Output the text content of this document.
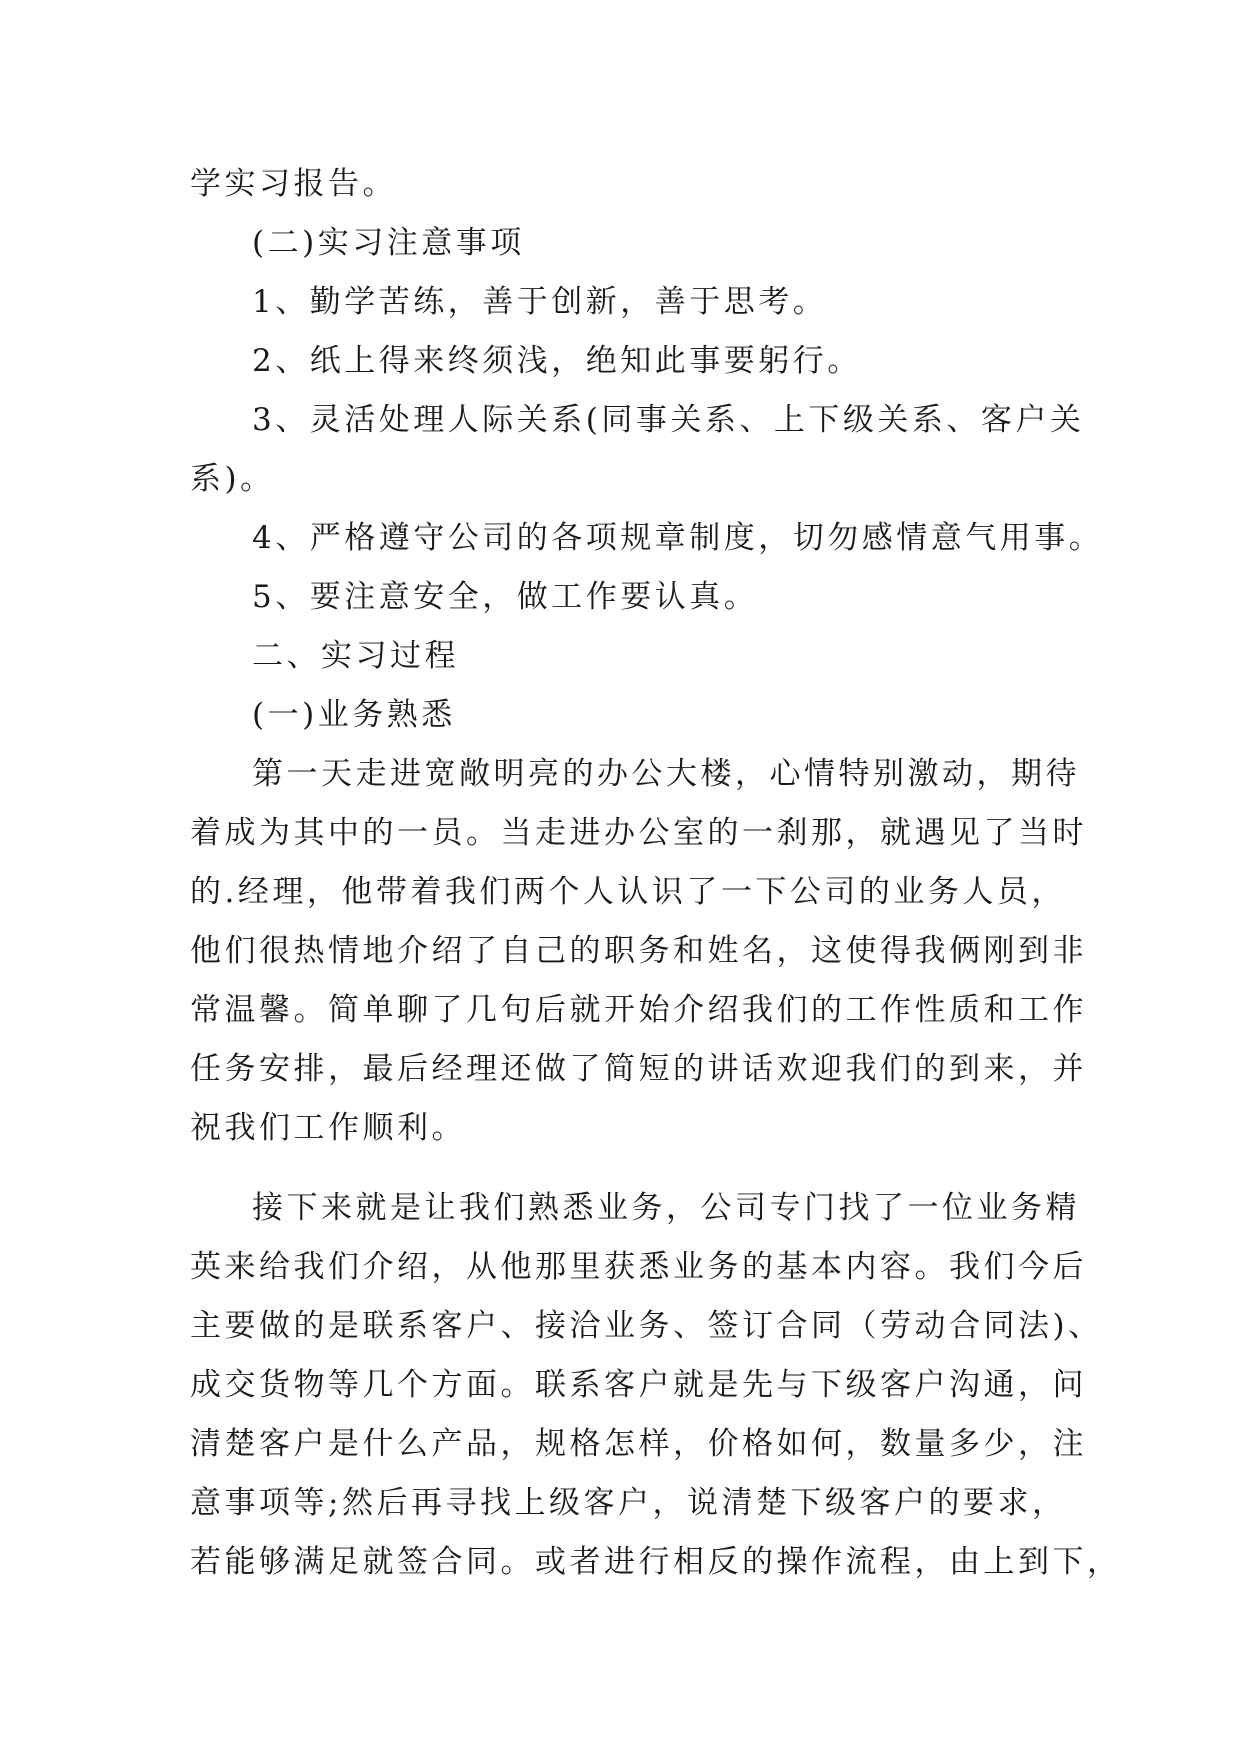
学实习报告。
(二)实习注意事项
1、勤学苦练，善于创新，善于思考。
2、纸上得来终须浅，绝知此事要躬行。
3、灵活处理人际关系(同事关系、上下级关系、客户关
系)。
4、严格遵守公司的各项规章制度，切勿感情意气用事。
5、要注意安全，做工作要认真。
二、实习过程
(一)业务熟悉
第一天走进宽敞明亮的办公大楼，心情特别激动，期待
着成为其中的一员。当走进办公室的一刹那，就遇见了当时
的.经理，他带着我们两个人认识了一下公司的业务人员，
他们很热情地介绍了自己的职务和姓名，这使得我俩刚到非
常温馨。简单聊了几句后就开始介绍我们的工作性质和工作
任务安排，最后经理还做了简短的讲话欢迎我们的到来，并
祝我们工作顺利。
接下来就是让我们熟悉业务，公司专门找了一位业务精
英来给我们介绍，从他那里获悉业务的基本内容。我们今后
主要做的是联系客户、接洽业务、签订合同（劳动合同法)、
成交货物等几个方面。联系客户就是先与下级客户沟通，问
清楚客户是什么产品，规格怎样，价格如何，数量多少，注
意事项等;然后再寻找上级客户，说清楚下级客户的要求，
若能够满足就签合同。或者进行相反的操作流程，由上到下，
